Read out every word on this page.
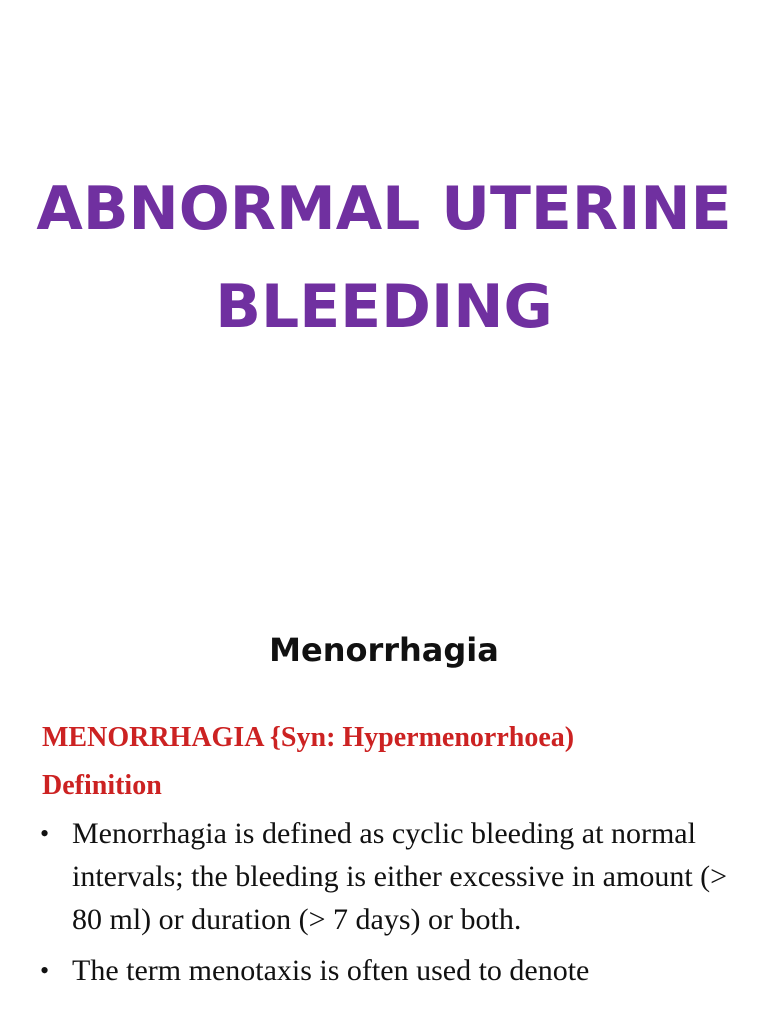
ABNORMAL UTERINE
BLEEDING
Menorrhagia
MENORRHAGIA {Syn: Hypermenorrhoea)
Definition
• Menorrhagia is defined as cyclic bleeding at normal intervals; the bleeding is either excessive in amount (> 80 ml) or duration (> 7 days) or both.
• The term menotaxis is often used to denote
